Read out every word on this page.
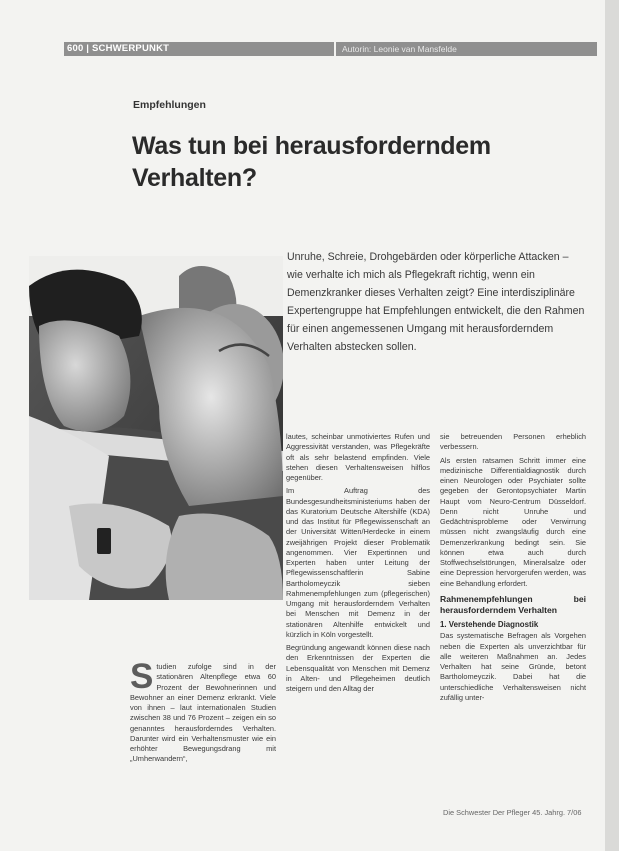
600 | SCHWERPUNKT	Autorin: Leonie van Mansfelde
Empfehlungen
Was tun bei herausforderndem Verhalten?

Unruhe, Schreie, Drohgebärden oder körperliche Attacken – wie verhalte ich mich als Pflegekraft richtig, wenn ein Demenzkranker dieses Verhalten zeigt? Eine interdisziplinäre Expertengruppe hat Empfehlungen entwickelt, die den Rahmen für einen angemessenen Umgang mit herausforderndem Verhalten abstecken sollen.

Studien zufolge sind in der stationären Altenpflege etwa 60 Prozent der Bewohnerinnen und Bewohner an einer Demenz erkrankt. Viele von ihnen – laut internationalen Studien zwischen 38 und 76 Prozent – zeigen ein so genanntes herausforderndes Verhalten. Darunter wird ein Verhaltensmuster wie ein erhöhter Bewegungsdrang mit „Umherwandern“,

lautes, scheinbar unmotiviertes Rufen und Aggressivität verstanden, was Pflegekräfte oft als sehr belastend empfinden. Viele stehen diesen Verhaltensweisen hilflos gegenüber.

Im Auftrag des Bundesgesundheitsministeriums haben der das Kuratorium Deutsche Altershilfe (KDA) und das Institut für Pflegewissenschaft an der Universität Witten/Herdecke in einem zweijährigen Projekt dieser Problematik angenommen. Vier Expertinnen und Experten haben unter Leitung der Pflegewissenschaftlerin Sabine Bartholomeyczik sieben Rahmenempfehlungen zum (pflegerischen) Umgang mit herausforderndem Verhalten bei Menschen mit Demenz in der stationären Altenhilfe entwickelt und kürzlich in Köln vorgestellt.

Begründung angewandt können diese nach den Erkenntnissen der Experten die Lebensqualität von Menschen mit Demenz in Alten- und Pflegeheimen deutlich steigern und den Alltag der

sie betreuenden Personen erheblich verbessern.

Als ersten ratsamen Schritt immer eine medizinische Differentialdiagnostik durch einen Neurologen oder Psychiater sollte gegeben der Gerontopsychiater Martin Haupt vom Neuro-Centrum Düsseldorf. Denn nicht Unruhe und Gedächtnisprobleme oder Verwirrung müssen nicht zwangsläufig durch eine Demenzerkrankung bedingt sein. Sie können etwa auch durch Stoffwechselstörungen, Mineralsalze oder eine Depression hervorgerufen werden, was eine Behandlung erfordert.

Rahmenempfehlungen bei herausforderndem Verhalten
1. Verstehende Diagnostik

Das systematische Befragen als Vorgehen neben die Experten als unverzichtbar für alle weiteren Maßnahmen an. Jedes Verhalten hat seine Gründe, betont Bartholomeyczik. Dabei hat die unterschiedliche Verhaltensweisen nicht zufällig unter-

Die Schwester Der Pfleger 45. Jahrg. 7/06
